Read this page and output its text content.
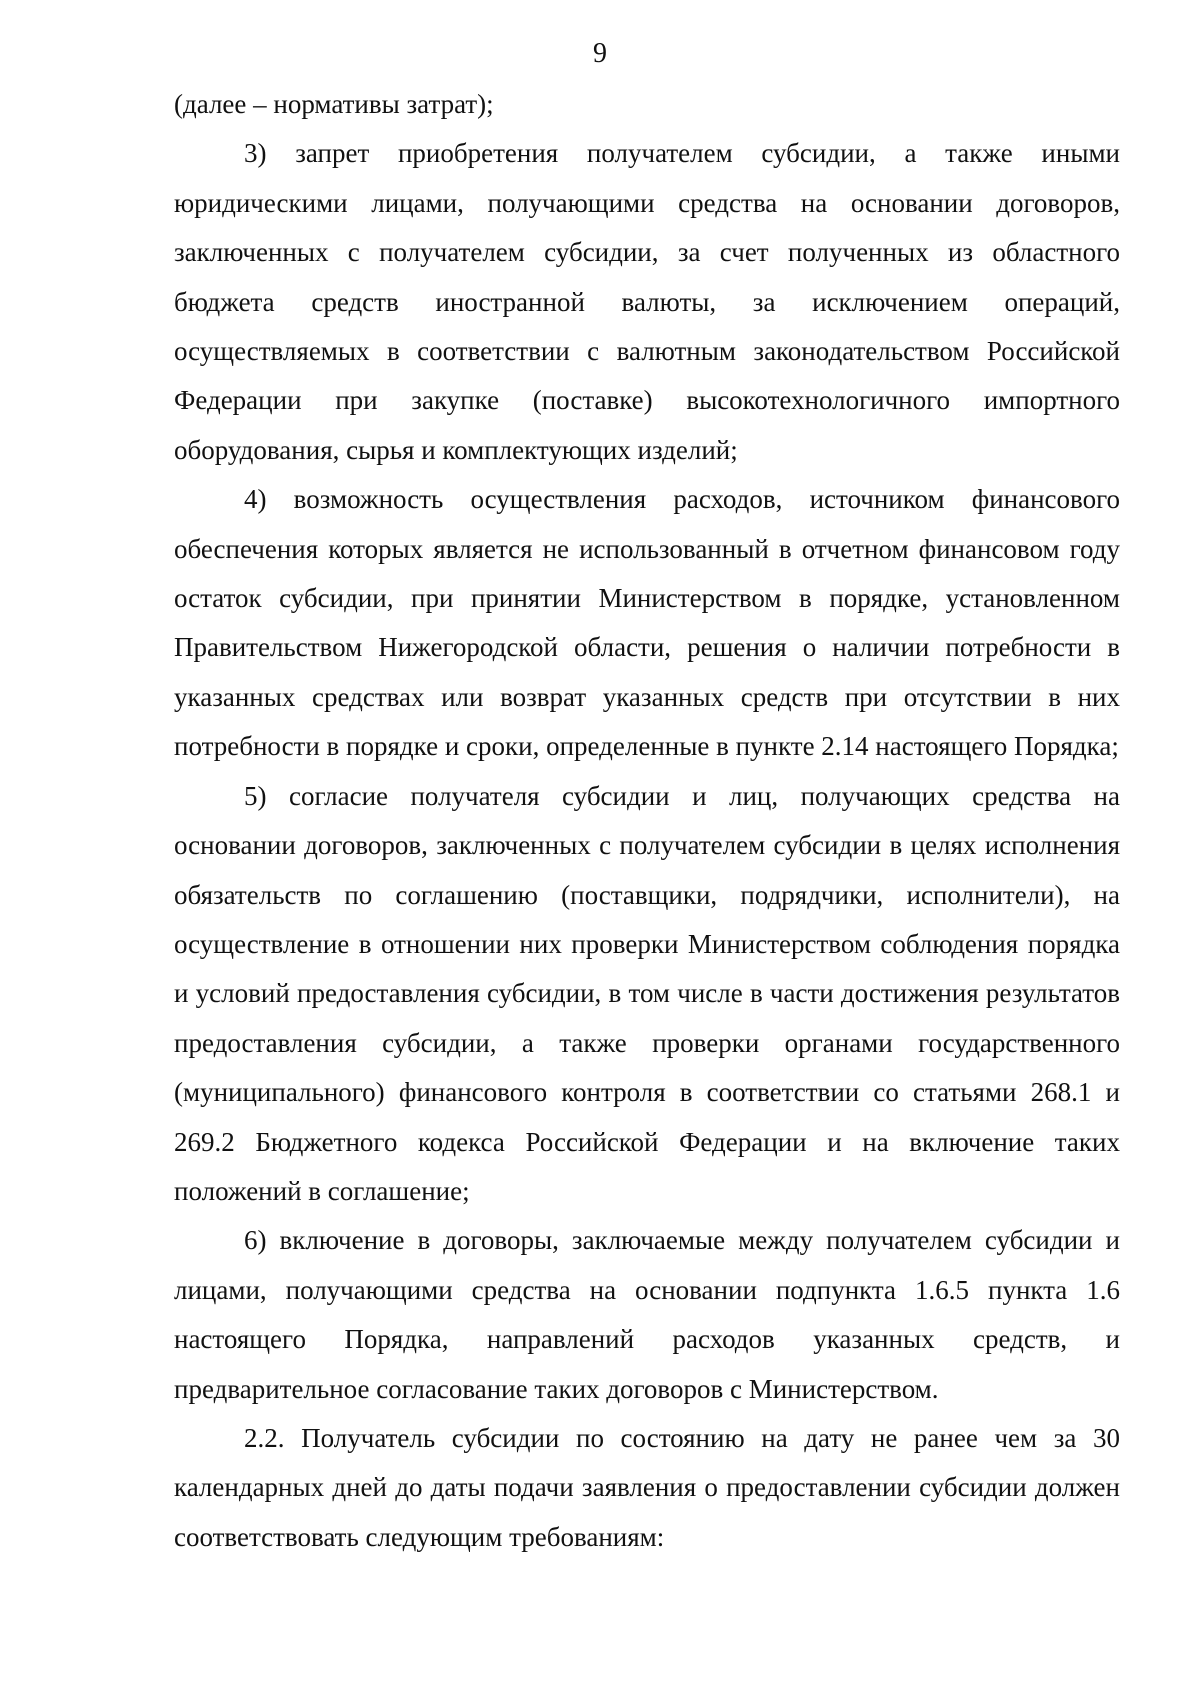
9

(далее – нормативы затрат);

3) запрет приобретения получателем субсидии, а также иными юридическими лицами, получающими средства на основании договоров, заключенных с получателем субсидии, за счет полученных из областного бюджета средств иностранной валюты, за исключением операций, осуществляемых в соответствии с валютным законодательством Российской Федерации при закупке (поставке) высокотехнологичного импортного оборудования, сырья и комплектующих изделий;

4) возможность осуществления расходов, источником финансового обеспечения которых является не использованный в отчетном финансовом году остаток субсидии, при принятии Министерством в порядке, установленном Правительством Нижегородской области, решения о наличии потребности в указанных средствах или возврат указанных средств при отсутствии в них потребности в порядке и сроки, определенные в пункте 2.14 настоящего Порядка;

5) согласие получателя субсидии и лиц, получающих средства на основании договоров, заключенных с получателем субсидии в целях исполнения обязательств по соглашению (поставщики, подрядчики, исполнители), на осуществление в отношении них проверки Министерством соблюдения порядка и условий предоставления субсидии, в том числе в части достижения результатов предоставления субсидии, а также проверки органами государственного (муниципального) финансового контроля в соответствии со статьями 268.1 и 269.2 Бюджетного кодекса Российской Федерации и на включение таких положений в соглашение;

6) включение в договоры, заключаемые между получателем субсидии и лицами, получающими средства на основании подпункта 1.6.5 пункта 1.6 настоящего Порядка, направлений расходов указанных средств, и предварительное согласование таких договоров с Министерством.

2.2. Получатель субсидии по состоянию на дату не ранее чем за 30 календарных дней до даты подачи заявления о предоставлении субсидии должен соответствовать следующим требованиям:
